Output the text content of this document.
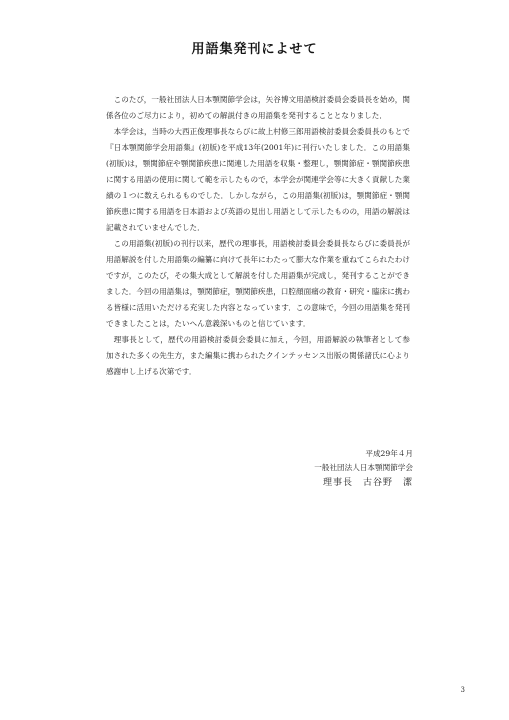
用語集発刊によせて

このたび，一般社団法人日本顎関節学会は，矢谷博文用語検討委員会委員長を始め，関係各位のご尽力により，初めての解説付きの用語集を発刊することとなりました．

本学会は，当時の大西正俊理事長ならびに故上村修三郎用語検討委員会委員長のもとで『日本顎関節学会用語集』(初版)を平成13年(2001年)に刊行いたしました．この用語集(初版)は，顎関節症や顎関節疾患に関連した用語を収集・整理し，顎関節症・顎関節疾患に関する用語の使用に関して範を示したもので，本学会が関連学会等に大きく貢献した業績の１つに数えられるものでした．しかしながら，この用語集(初版)は，顎関節症・顎関節疾患に関する用語を日本語および英語の見出し用語として示したものの，用語の解説は記載されていませんでした．

この用語集(初版)の刊行以来，歴代の理事長，用語検討委員会委員長ならびに委員長が用語解説を付した用語集の編纂に向けて長年にわたって膨大な作業を重ねてこられたわけですが，このたび，その集大成として解説を付した用語集が完成し，発刊することができました．今回の用語集は，顎関節症，顎関節疾患，口腔顔面痛の教育・研究・臨床に携わる皆様に活用いただける充実した内容となっています．この意味で，今回の用語集を発刊できましたことは，たいへん意義深いものと信じています．

理事長として，歴代の用語検討委員会委員に加え，今回，用語解説の執筆者として参加された多くの先生方，また編集に携わられたクインテッセンス出版の関係諸氏に心より感謝申し上げる次第です．

平成29年４月
一般社団法人日本顎関節学会
理事長　古谷野　潔
3
